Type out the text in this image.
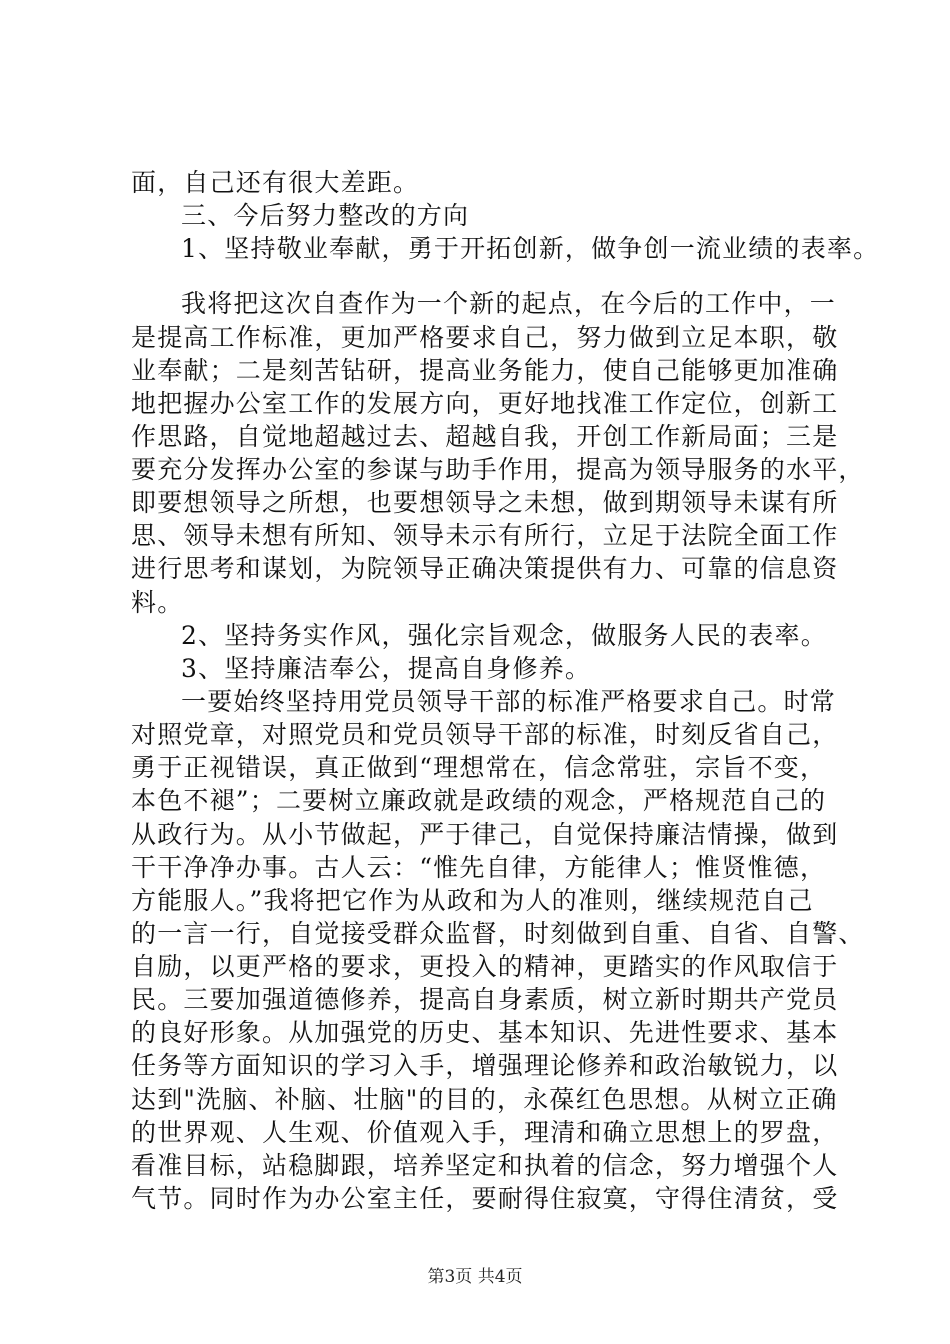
面，自己还有很大差距。
三、今后努力整改的方向
1、坚持敬业奉献，勇于开拓创新，做争创一流业绩的表率。
我将把这次自查作为一个新的起点，在今后的工作中，一
是提高工作标准，更加严格要求自己，努力做到立足本职，敬
业奉献；二是刻苦钻研，提高业务能力，使自己能够更加准确
地把握办公室工作的发展方向，更好地找准工作定位，创新工
作思路，自觉地超越过去、超越自我，开创工作新局面；三是
要充分发挥办公室的参谋与助手作用，提高为领导服务的水平，
即要想领导之所想，也要想领导之未想，做到期领导未谋有所
思、领导未想有所知、领导未示有所行，立足于法院全面工作
进行思考和谋划，为院领导正确决策提供有力、可靠的信息资
料。
2、坚持务实作风，强化宗旨观念，做服务人民的表率。
3、坚持廉洁奉公，提高自身修养。
一要始终坚持用党员领导干部的标准严格要求自己。时常
对照党章，对照党员和党员领导干部的标准，时刻反省自己，
勇于正视错误，真正做到“理想常在，信念常驻，宗旨不变，
本色不褪”；二要树立廉政就是政绩的观念，严格规范自己的
从政行为。从小节做起，严于律己，自觉保持廉洁情操，做到
干干净净办事。古人云：“惟先自律，方能律人；惟贤惟德，
方能服人。”我将把它作为从政和为人的准则，继续规范自己
的一言一行，自觉接受群众监督，时刻做到自重、自省、自警、
自励，以更严格的要求，更投入的精神，更踏实的作风取信于
民。三要加强道德修养，提高自身素质，树立新时期共产党员
的良好形象。从加强党的历史、基本知识、先进性要求、基本
任务等方面知识的学习入手，增强理论修养和政治敏锐力，以
达到"洗脑、补脑、壮脑"的目的，永葆红色思想。从树立正确
的世界观、人生观、价值观入手，理清和确立思想上的罗盘，
看准目标，站稳脚跟，培养坚定和执着的信念，努力增强个人
气节。同时作为办公室主任，要耐得住寂寞，守得住清贫，受
第3页 共4页
